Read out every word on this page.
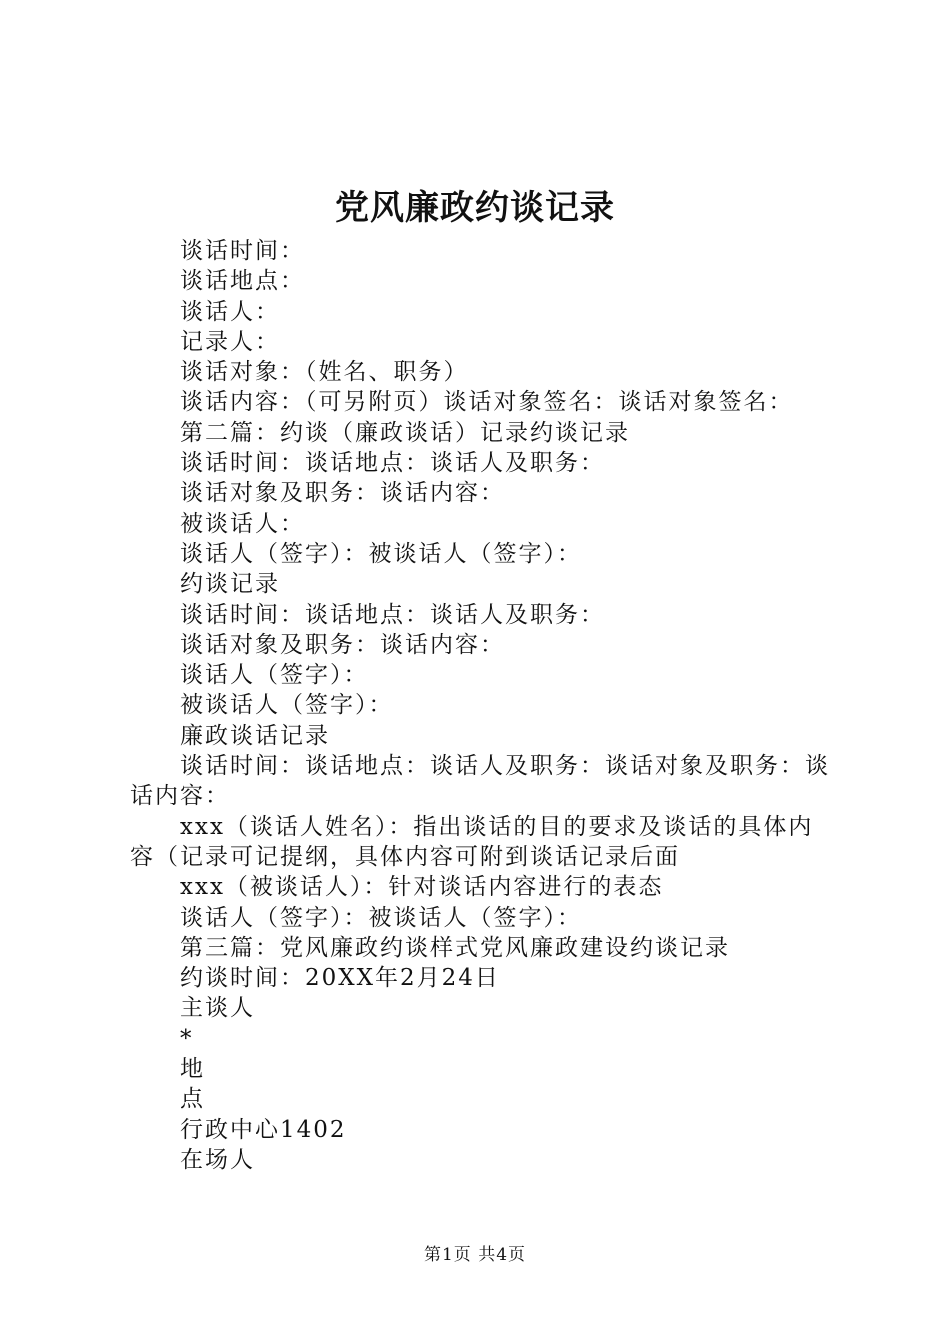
党风廉政约谈记录
谈话时间：
谈话地点：
谈话人：
记录人：
谈话对象：（姓名、职务）
谈话内容：（可另附页）谈话对象签名：谈话对象签名：
第二篇：约谈（廉政谈话）记录约谈记录
谈话时间：谈话地点：谈话人及职务：
谈话对象及职务：谈话内容：
被谈话人：
谈话人（签字）：被谈话人（签字）：
约谈记录
谈话时间：谈话地点：谈话人及职务：
谈话对象及职务：谈话内容：
谈话人（签字）：
被谈话人（签字）：
廉政谈话记录
谈话时间：谈话地点：谈话人及职务：谈话对象及职务：谈话内容：
xxx（谈话人姓名）：指出谈话的目的要求及谈话的具体内容（记录可记提纲，具体内容可附到谈话记录后面
xxx（被谈话人）：针对谈话内容进行的表态
谈话人（签字）：被谈话人（签字）：
第三篇：党风廉政约谈样式党风廉政建设约谈记录
约谈时间：20XX年2月24日
主谈人
*
地
点
行政中心1402
在场人
第1页 共4页
